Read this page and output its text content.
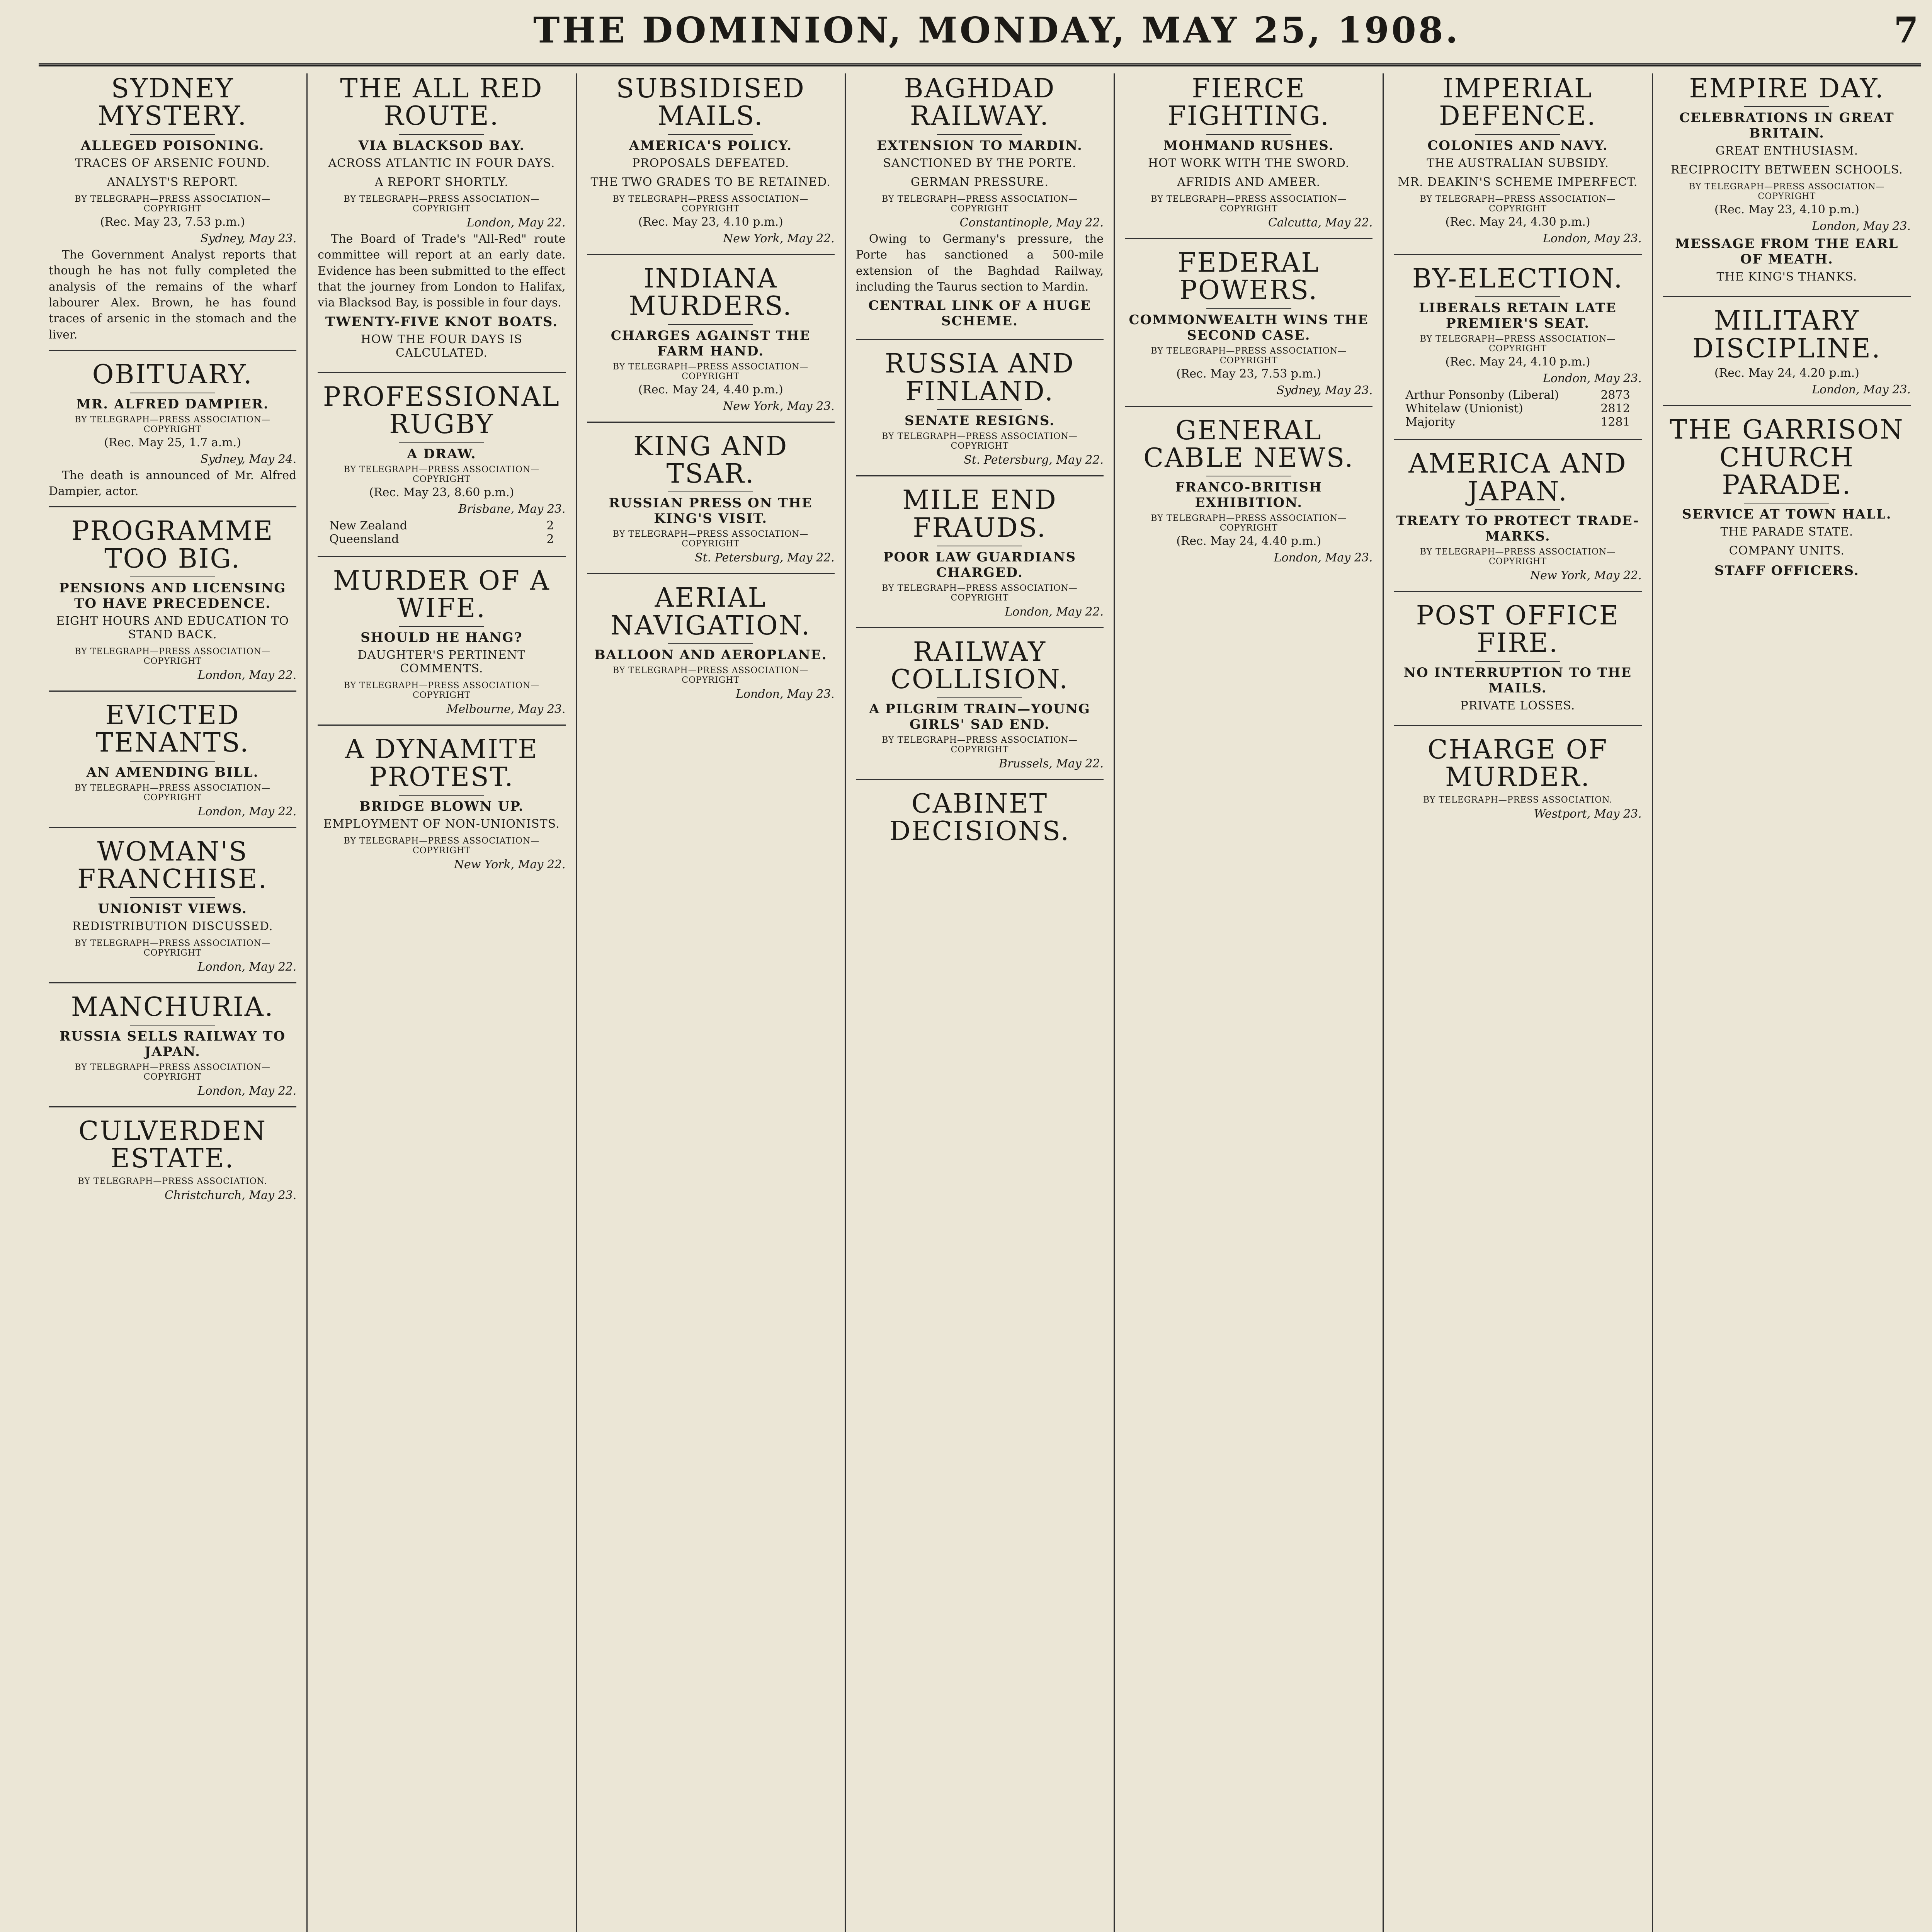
THE DOMINION, MONDAY, MAY 25, 1908.	7
SYDNEY MYSTERY.
ALLEGED POISONING.
TRACES OF ARSENIC FOUND.
ANALYST'S REPORT.
BY TELEGRAPH—PRESS ASSOCIATION—COPYRIGHT
(Rec. May 23, 7.53 p.m.)
Sydney, May 23.

The Government Analyst reports that though he has not fully completed the analysis of the remains of the wharf labourer Alex. Brown, he has found traces of arsenic in the stomach and the liver.

OBITUARY.
MR. ALFRED DAMPIER.
BY TELEGRAPH—PRESS ASSOCIATION—COPYRIGHT
(Rec. May 25, 1.7 a.m.)
Sydney, May 24.

The death is announced of Mr. Alfred Dampier, actor.

PROGRAMME TOO BIG.
PENSIONS AND LICENSING TO HAVE PRECEDENCE.
EIGHT HOURS AND EDUCATION TO STAND BACK.
BY TELEGRAPH—PRESS ASSOCIATION—COPYRIGHT
London, May 22.
EVICTED TENANTS.
AN AMENDING BILL.
BY TELEGRAPH—PRESS ASSOCIATION—COPYRIGHT
London, May 22.
WOMAN'S FRANCHISE.
UNIONIST VIEWS.
REDISTRIBUTION DISCUSSED.
BY TELEGRAPH—PRESS ASSOCIATION—COPYRIGHT
London, May 22.
MANCHURIA.
RUSSIA SELLS RAILWAY TO JAPAN.
BY TELEGRAPH—PRESS ASSOCIATION—COPYRIGHT
London, May 22.
CULVERDEN ESTATE.
BY TELEGRAPH—PRESS ASSOCIATION.
Christchurch, May 23.
THE ALL RED ROUTE.
VIA BLACKSOD BAY.
ACROSS ATLANTIC IN FOUR DAYS.
A REPORT SHORTLY.
BY TELEGRAPH—PRESS ASSOCIATION—COPYRIGHT
London, May 22.

The Board of Trade's "All-Red" route committee will report at an early date. Evidence has been submitted to the effect that the journey from London to Halifax, via Blacksod Bay, is possible in four days.

TWENTY-FIVE KNOT BOATS.
HOW THE FOUR DAYS IS CALCULATED.
PROFESSIONAL RUGBY
A DRAW.
BY TELEGRAPH—PRESS ASSOCIATION—COPYRIGHT
(Rec. May 23, 8.60 p.m.)
Brisbane, May 23.
New Zealand	2
Queensland	2
MURDER OF A WIFE.
SHOULD HE HANG?
DAUGHTER'S PERTINENT COMMENTS.
BY TELEGRAPH—PRESS ASSOCIATION—COPYRIGHT
Melbourne, May 23.
A DYNAMITE PROTEST.
BRIDGE BLOWN UP.
EMPLOYMENT OF NON-UNIONISTS.
BY TELEGRAPH—PRESS ASSOCIATION—COPYRIGHT
New York, May 22.
SUBSIDISED MAILS.
AMERICA'S POLICY.
PROPOSALS DEFEATED.
THE TWO GRADES TO BE RETAINED.
BY TELEGRAPH—PRESS ASSOCIATION—COPYRIGHT
(Rec. May 23, 4.10 p.m.)
New York, May 22.
INDIANA MURDERS.
CHARGES AGAINST THE FARM HAND.
BY TELEGRAPH—PRESS ASSOCIATION—COPYRIGHT
(Rec. May 24, 4.40 p.m.)
New York, May 23.
KING AND TSAR.
RUSSIAN PRESS ON THE KING'S VISIT.
BY TELEGRAPH—PRESS ASSOCIATION—COPYRIGHT
St. Petersburg, May 22.
AERIAL NAVIGATION.
BALLOON AND AEROPLANE.
BY TELEGRAPH—PRESS ASSOCIATION—COPYRIGHT
London, May 23.
BAGHDAD RAILWAY.
EXTENSION TO MARDIN.
SANCTIONED BY THE PORTE.
GERMAN PRESSURE.
BY TELEGRAPH—PRESS ASSOCIATION—COPYRIGHT
Constantinople, May 22.

Owing to Germany's pressure, the Porte has sanctioned a 500-mile extension of the Baghdad Railway, including the Taurus section to Mardin.

CENTRAL LINK OF A HUGE SCHEME.
RUSSIA AND FINLAND.
SENATE RESIGNS.
BY TELEGRAPH—PRESS ASSOCIATION—COPYRIGHT
St. Petersburg, May 22.
MILE END FRAUDS.
POOR LAW GUARDIANS CHARGED.
BY TELEGRAPH—PRESS ASSOCIATION—COPYRIGHT
London, May 22.
RAILWAY COLLISION.
A PILGRIM TRAIN—YOUNG GIRLS' SAD END.
BY TELEGRAPH—PRESS ASSOCIATION—COPYRIGHT
Brussels, May 22.
CABINET DECISIONS.
FIERCE FIGHTING.
MOHMAND RUSHES.
HOT WORK WITH THE SWORD.
AFRIDIS AND AMEER.
BY TELEGRAPH—PRESS ASSOCIATION—COPYRIGHT
Calcutta, May 22.
FEDERAL POWERS.
COMMONWEALTH WINS THE SECOND CASE.
BY TELEGRAPH—PRESS ASSOCIATION—COPYRIGHT
(Rec. May 23, 7.53 p.m.)
Sydney, May 23.
GENERAL CABLE NEWS.
FRANCO-BRITISH EXHIBITION.
BY TELEGRAPH—PRESS ASSOCIATION—COPYRIGHT
(Rec. May 24, 4.40 p.m.)
London, May 23.
IMPERIAL DEFENCE.
COLONIES AND NAVY.
THE AUSTRALIAN SUBSIDY.
MR. DEAKIN'S SCHEME IMPERFECT.
BY TELEGRAPH—PRESS ASSOCIATION—COPYRIGHT
(Rec. May 24, 4.30 p.m.)
London, May 23.
BY-ELECTION.
LIBERALS RETAIN LATE PREMIER'S SEAT.
BY TELEGRAPH—PRESS ASSOCIATION—COPYRIGHT
(Rec. May 24, 4.10 p.m.)
London, May 23.
Arthur Ponsonby (Liberal)	2873
Whitelaw (Unionist)	2812
Majority	1281
AMERICA AND JAPAN.
TREATY TO PROTECT TRADE-MARKS.
BY TELEGRAPH—PRESS ASSOCIATION—COPYRIGHT
New York, May 22.
POST OFFICE FIRE.
NO INTERRUPTION TO THE MAILS.
PRIVATE LOSSES.
CHARGE OF MURDER.
BY TELEGRAPH—PRESS ASSOCIATION.
Westport, May 23.
EMPIRE DAY.
CELEBRATIONS IN GREAT BRITAIN.
GREAT ENTHUSIASM.
RECIPROCITY BETWEEN SCHOOLS.
BY TELEGRAPH—PRESS ASSOCIATION—COPYRIGHT
(Rec. May 23, 4.10 p.m.)
London, May 23.
MESSAGE FROM THE EARL OF MEATH.
THE KING'S THANKS.
MILITARY DISCIPLINE.
(Rec. May 24, 4.20 p.m.)
London, May 23.
THE GARRISON CHURCH PARADE.
SERVICE AT TOWN HALL.
THE PARADE STATE.
COMPANY UNITS.
STAFF OFFICERS.
